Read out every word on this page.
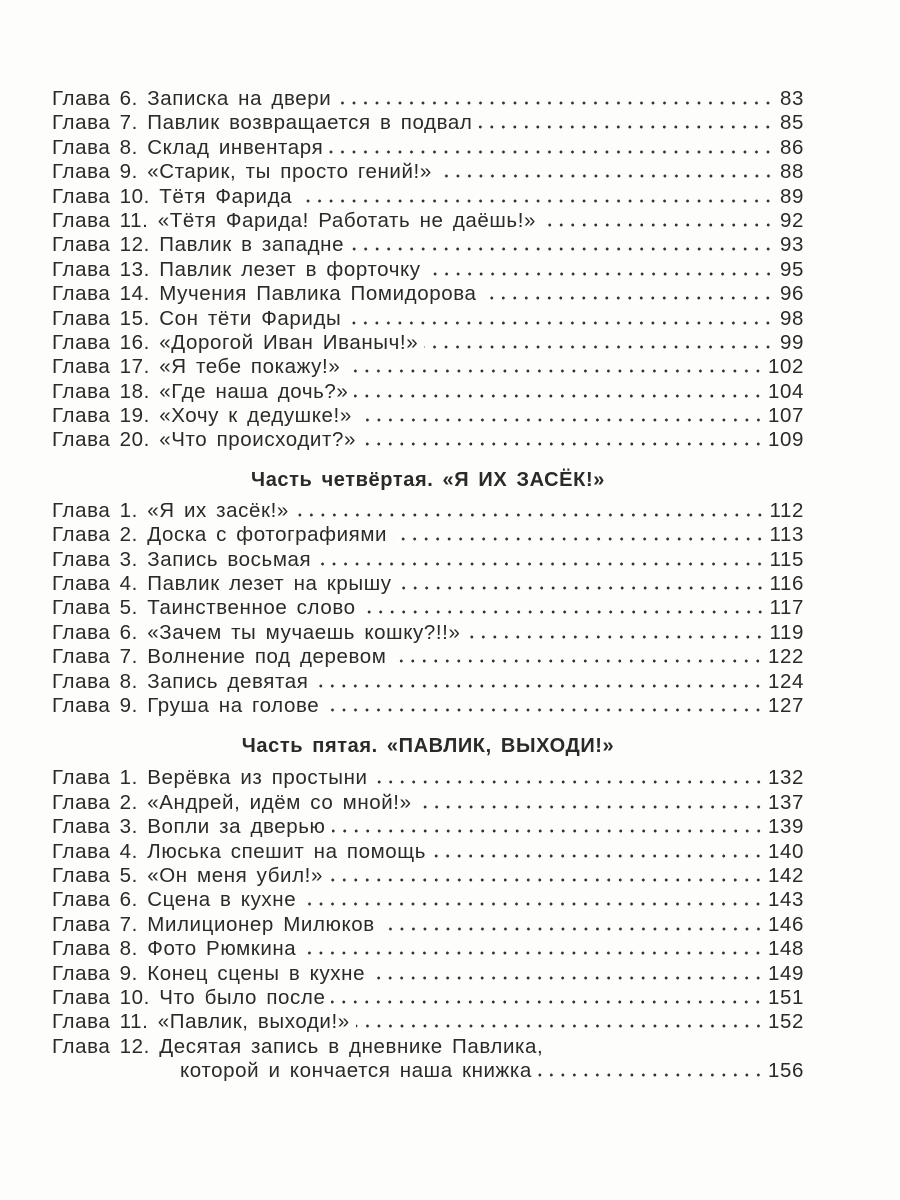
Глава 6. Записка на двери	83
Глава 7. Павлик возвращается в подвал	85
Глава 8. Склад инвентаря	86
Глава 9. «Старик, ты просто гений!»	88
Глава 10. Тётя Фарида	89
Глава 11. «Тётя Фарида! Работать не даёшь!»	92
Глава 12. Павлик в западне	93
Глава 13. Павлик лезет в форточку	95
Глава 14. Мучения Павлика Помидорова	96
Глава 15. Сон тёти Фариды	98
Глава 16. «Дорогой Иван Иваныч!»	99
Глава 17. «Я тебе покажу!»	102
Глава 18. «Где наша дочь?»	104
Глава 19. «Хочу к дедушке!»	107
Глава 20. «Что происходит?»	109
Часть четвёртая. «Я ИХ ЗАСЁК!»
Глава 1. «Я их засёк!»	112
Глава 2. Доска с фотографиями	113
Глава 3. Запись восьмая	115
Глава 4. Павлик лезет на крышу	116
Глава 5. Таинственное слово	117
Глава 6. «Зачем ты мучаешь кошку?!!»	119
Глава 7. Волнение под деревом	122
Глава 8. Запись девятая	124
Глава 9. Груша на голове	127
Часть пятая. «ПАВЛИК, ВЫХОДИ!»
Глава 1. Верёвка из простыни	132
Глава 2. «Андрей, идём со мной!»	137
Глава 3. Вопли за дверью	139
Глава 4. Люська спешит на помощь	140
Глава 5. «Он меня убил!»	142
Глава 6. Сцена в кухне	143
Глава 7. Милиционер Милюков	146
Глава 8. Фото Рюмкина	148
Глава 9. Конец сцены в кухне	149
Глава 10. Что было после	151
Глава 11. «Павлик, выходи!»	152
Глава 12. Десятая запись в дневнике Павлика,
которой и кончается наша книжка	156
